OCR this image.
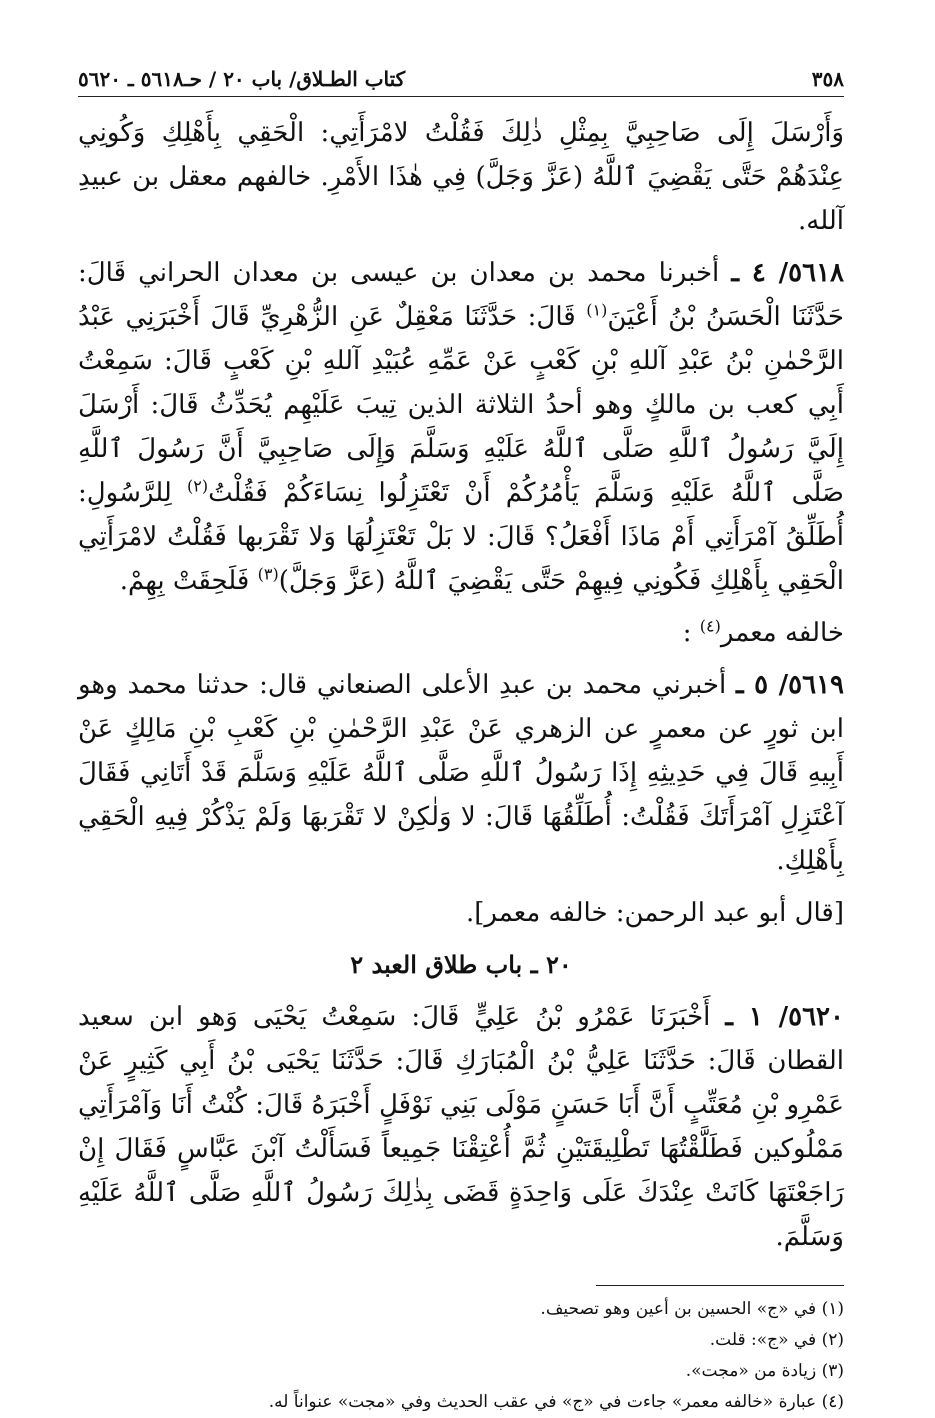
٣٥٨
كتاب الطـلاق/ باب ٢٠ / حـ٥٦١٨ ـ ٥٦٢٠

وَأَرْسَلَ إِلَى صَاحِبِيَّ بِمِثْلِ ذٰلِكَ فَقُلْتُ لامْرَأَتِي: الْحَقِي بِأَهْلِكِ وَكُونِي عِنْدَهُمْ حَتَّى يَقْضِيَ ٱللَّهُ (عَزَّ وَجَلَّ) فِي هٰذَا الأَمْرِ. خالفهم معقل بن عبيدِ آلله.

٥٦١٨/ ٤ ـ أخبرنا محمد بن معدان بن عيسى بن معدان الحراني قَالَ: حَدَّثَنَا الْحَسَنُ بْنُ أَعْيَنَ$^{(١)}$ قَالَ: حَدَّثَنَا مَعْقِلٌ عَنِ الزُّهْرِيِّ قَالَ أَخْبَرَنِي عَبْدُ الرَّحْمٰنِ بْنُ عَبْدِ آللهِ بْنِ كَعْبٍ عَنْ عَمِّهِ عُبَيْدِ آللهِ بْنِ كَعْبٍ قَالَ: سَمِعْتُ أَبِي كعب بن مالكٍ وهو أحدُ الثلاثة الذين تِيبَ عَلَيْهِم يُحَدِّثُ قَالَ: أَرْسَلَ إِلَيَّ رَسُولُ ٱللَّهِ صَلَّى ٱللَّهُ عَلَيْهِ وَسَلَّمَ وَإِلَى صَاحِبِيَّ أَنَّ رَسُولَ ٱللَّهِ صَلَّى ٱللَّهُ عَلَيْهِ وَسَلَّمَ يَأْمُرُكُمْ أَنْ تَعْتَزِلُوا نِسَاءَكُمْ فَقُلْتُ$^{(٢)}$ لِلرَّسُولِ: أُطَلِّقُ آمْرَأَتِي أَمْ مَاذَا أَفْعَلُ؟ قَالَ: لا بَلْ تَعْتَزِلُهَا وَلا تَقْرَبها فَقُلْتُ لامْرَأَتِي الْحَقِي بِأَهْلِكِ فَكُونِي فِيهِمْ حَتَّى يَقْضِيَ ٱللَّهُ (عَزَّ وَجَلَّ)$^{(٣)}$ فَلَحِقَتْ بِهِمْ.

خالفه معمر$^{(٤)}$ :

٥٦١٩/ ٥ ـ أخبرني محمد بن عبدِ الأعلى الصنعاني قال: حدثنا محمد وهو ابن ثورٍ عن معمرٍ عن الزهري عَنْ عَبْدِ الرَّحْمٰنِ بْنِ كَعْبِ بْنِ مَالِكٍ عَنْ أَبِيهِ قَالَ فِي حَدِيثِهِ إِذَا رَسُولُ ٱللَّهِ صَلَّى ٱللَّهُ عَلَيْهِ وَسَلَّمَ قَدْ أَتَانِي فَقَالَ آعْتَزِلِ آمْرَأَتَكَ فَقُلْتُ: أُطَلِّقُهَا قَالَ: لا وَلٰكِنْ لا تَقْرَبهَا وَلَمْ يَذْكُرْ فِيهِ الْحَقِي بِأَهْلِكِ.

[قال أبو عبد الرحمن: خالفه معمر].

٢٠ ـ باب طلاق العبد ٢

٥٦٢٠/ ١ ـ أَخْبَرَنَا عَمْرُو بْنُ عَلِيٍّ قَالَ: سَمِعْتُ يَحْيَى وَهو ابن سعيد القطان قَالَ: حَدَّثَنَا عَلِيُّ بْنُ الْمُبَارَكِ قَالَ: حَدَّثَنَا يَحْيَى بْنُ أَبِي كَثِيرٍ عَنْ عَمْرِو بْنِ مُعَتِّبٍ أَنَّ أَبَا حَسَنٍ مَوْلَى بَنِي نَوْفَلٍ أَخْبَرَهُ قَالَ: كُنْتُ أَنَا وَآمْرَأَتِي مَمْلُوكين فَطَلَّقْتُهَا تَطْلِيقَتَيْنِ ثُمَّ أُعْتِقْنَا جَمِيعاً فَسَأَلْتُ آبْنَ عَبَّاسٍ فَقَالَ إِنْ رَاجَعْتَهَا كَانَتْ عِنْدَكَ عَلَى وَاحِدَةٍ قَضَى بِذٰلِكَ رَسُولُ ٱللَّهِ صَلَّى ٱللَّهُ عَلَيْهِ وَسَلَّمَ.

(١) في «ج» الحسين بن أعين وهو تصحيف.
(٢) في «ج»: قلت.
(٣) زيادة من «مجت».
(٤) عبارة «خالفه معمر» جاءت في «ج» في عقب الحديث وفي «مجت» عنواناً له.
